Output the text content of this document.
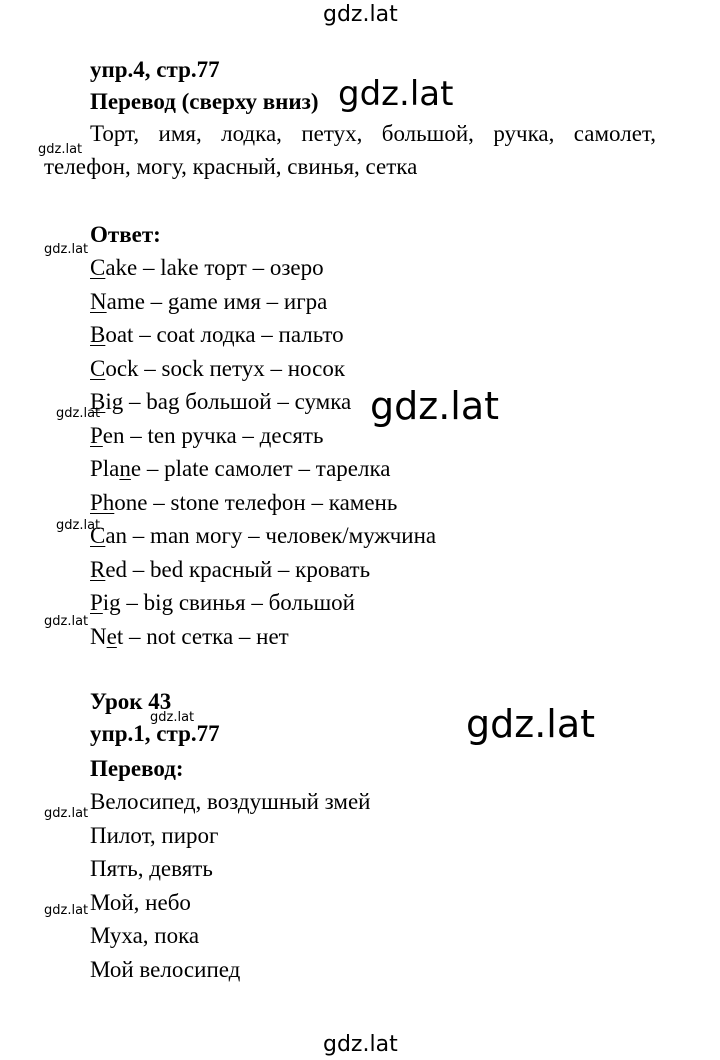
gdz.lat
gdz.lat
gdz.lat
gdz.lat
gdz.lat
gdz.lat
gdz.lat
gdz.lat
gdz.lat
gdz.lat
gdz.lat
gdz.lat
gdz.lat
упр.4, стр.77
Перевод (сверху вниз)
Торт, имя, лодка, петух, большой, ручка, самолет,
телефон, могу, красный, свинья, сетка
Ответ:
Cake – lake торт – озеро
Name – game имя – игра
Boat – coat лодка – пальто
Cock – sock петух – носок
Big – bag большой – сумка
Pen – ten ручка – десять
Plane – plate самолет – тарелка
Phone – stone телефон – камень
Can – man могу – человек/мужчина
Red – bed красный – кровать
Pig – big свинья – большой
Net – not сетка – нет
Урок 43
упр.1, стр.77
Перевод:
Велосипед, воздушный змей
Пилот, пирог
Пять, девять
Мой, небо
Муха, пока
Мой велосипед
